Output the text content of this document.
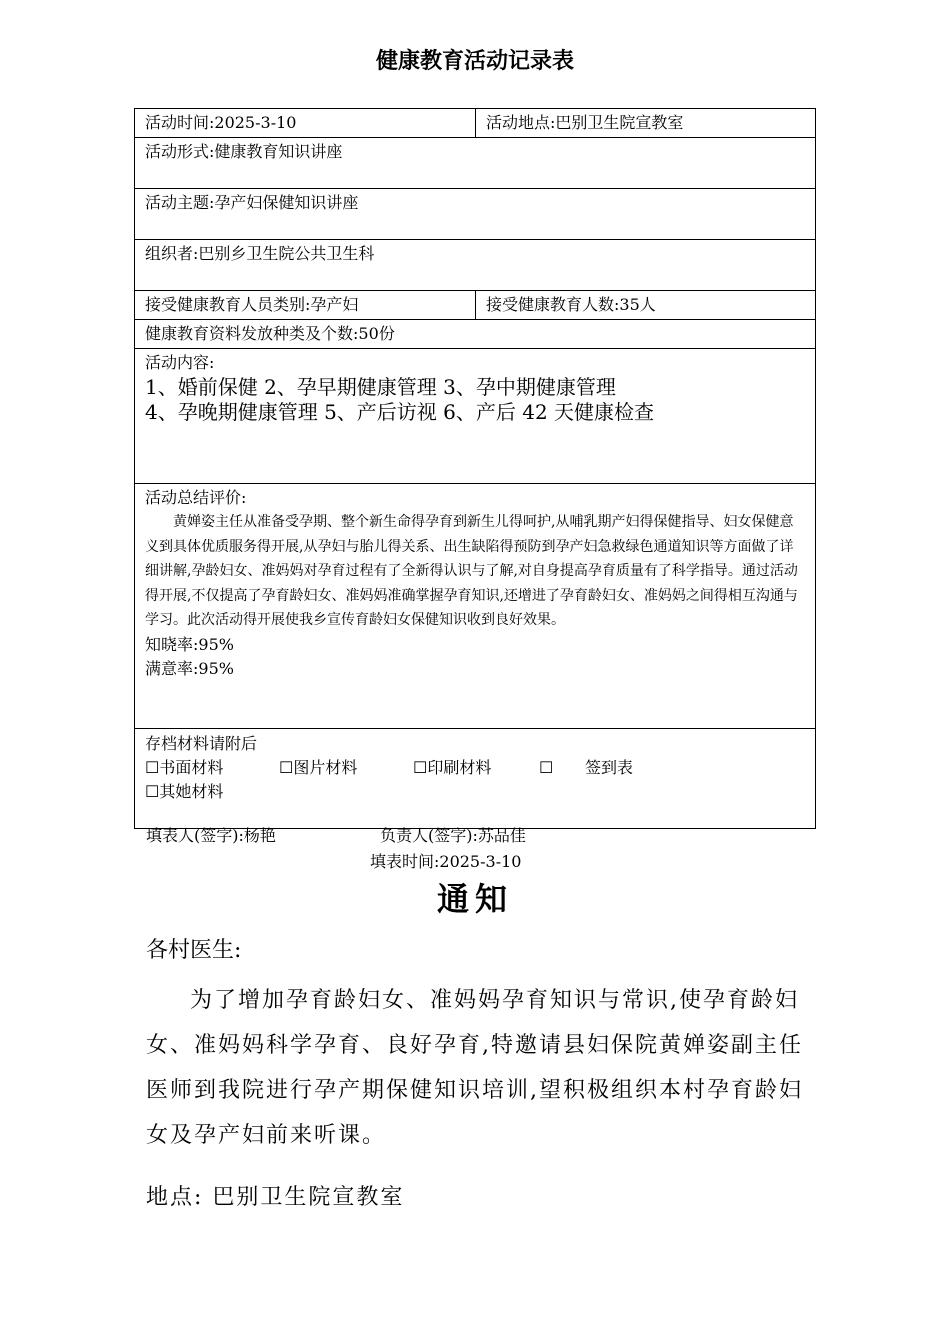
健康教育活动记录表
活动时间:2025-3-10	活动地点:巴别卫生院宣教室
活动形式:健康教育知识讲座	
活动主题:孕产妇保健知识讲座	
组织者:巴别乡卫生院公共卫生科	
接受健康教育人员类别:孕产妇	接受健康教育人数:35人
健康教育资料发放种类及个数:50份	

活动内容:
1、婚前保健 2、孕早期健康管理 3、孕中期健康管理
4、孕晚期健康管理 5、产后访视 6、产后 42 天健康检查	

活动总结评价:

黄婵姿主任从准备受孕期、整个新生命得孕育到新生儿得呵护,从哺乳期产妇得保健指导、妇女保健意义到具体优质服务得开展,从孕妇与胎儿得关系、出生缺陷得预防到孕产妇急救绿色通道知识等方面做了详细讲解,孕龄妇女、准妈妈对孕育过程有了全新得认识与了解,对自身提高孕育质量有了科学指导。通过活动得开展,不仅提高了孕育龄妇女、准妈妈准确掌握孕育知识,还增进了孕育龄妇女、准妈妈之间得相互沟通与学习。此次活动得开展使我乡宣传育龄妇女保健知识收到良好效果。

知晓率:95%
满意率:95%	

存档材料请附后
☐书面材料 ☐图片材料 ☐印刷材料 ☐ 签到表
☐其她材料	
填表人(签字):杨艳	负责人(签字):苏品佳
填表时间:2025-3-10
通知
各村医生:

为了增加孕育龄妇女、准妈妈孕育知识与常识,使孕育龄妇女、准妈妈科学孕育、良好孕育,特邀请县妇保院黄婵姿副主任医师到我院进行孕产期保健知识培训,望积极组织本村孕育龄妇女及孕产妇前来听课。

地点: 巴别卫生院宣教室
